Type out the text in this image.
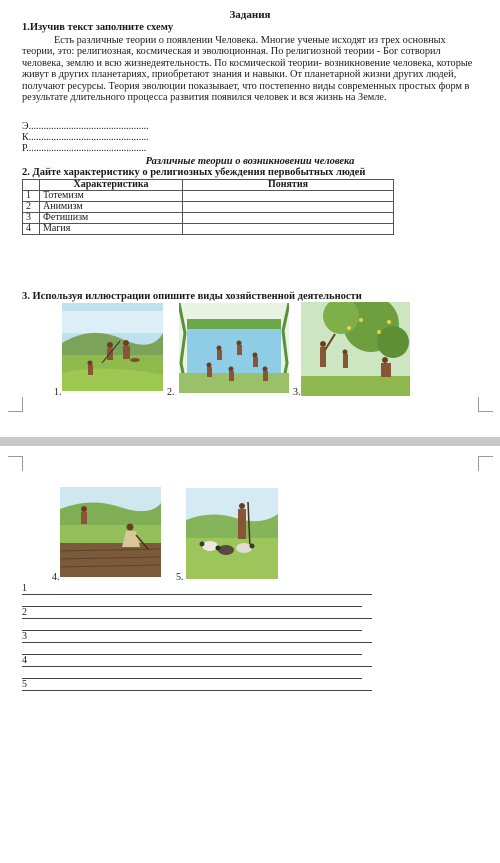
Задания
1.Изучив текст заполните схему
Есть различные теории о появлении Человека. Многие ученые исходят из трех основных теории, это: религиозная, космическая и эволюционная. По религиозной теории - Бог сотворил человека, землю и всю жизнедеятельность. По космической теории- возникновение человека, которые живут в других планетариях, приобретают знания и навыки. От планетарной жизни других людей, получают ресурсы. Теория эволюции показывает, что постепенно виды современных простых форм в результате длительного процесса развития появился человек и вся жизнь на Земле.
Э................................................
К................................................
Р................................................
Различные теории о возникновении человека
2. Дайте характеристику о религиозных убеждения первобытных людей
	Характеристика	Понятия
1	Тотемизм	
2	Анимизм	
3	Фетишизм	
4	Магия	
3. Используя иллюстрации опишите виды хозяйственной деятельности
1.	2.	3.
4.	5.
1
2
3
4
5
